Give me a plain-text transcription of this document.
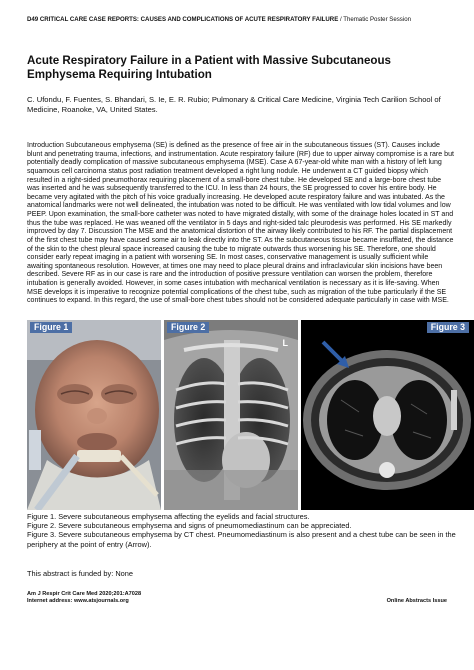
D49 CRITICAL CARE CASE REPORTS: CAUSES AND COMPLICATIONS OF ACUTE RESPIRATORY FAILURE / Thematic Poster Session
Acute Respiratory Failure in a Patient with Massive Subcutaneous Emphysema Requiring Intubation

C. Ufondu, F. Fuentes, S. Bhandari, S. Ie, E. R. Rubio; Pulmonary & Critical Care Medicine, Virginia Tech Carilion School of Medicine, Roanoke, VA, United States.

Introduction Subcutaneous emphysema (SE) is defined as the presence of free air in the subcutaneous tissues (ST). Causes include blunt and penetrating trauma, infections, and instrumentation. Acute respiratory failure (RF) due to upper airway compromise is a rare but potentially deadly complication of massive subcutaneous emphysema (MSE). Case A 67-year-old white man with a history of left lung squamous cell carcinoma status post radiation treatment developed a right lung nodule. He underwent a CT guided biopsy which resulted in a right-sided pneumothorax requiring placement of a small-bore chest tube. He developed SE and a large-bore chest tube was inserted and he was subsequently transferred to the ICU. In less than 24 hours, the SE progressed to cover his entire body. He became very agitated with the pitch of his voice gradually increasing. He developed acute respiratory failure and was intubated. As the anatomical landmarks were not well delineated, the intubation was noted to be difficult. He was ventilated with low tidal volumes and low PEEP. Upon examination, the small-bore catheter was noted to have migrated distally, with some of the drainage holes located in ST and thus the tube was replaced. He was weaned off the ventilator in 5 days and right-sided talc pleurodesis was performed. His SE markedly improved by day 7. Discussion The MSE and the anatomical distortion of the airway likely contributed to his RF. The partial displacement of the first chest tube may have caused some air to leak directly into the ST. As the subcutaneous tissue became insufflated, the distance of the skin to the chest pleural space increased causing the tube to migrate outwards thus worsening his SE. Therefore, one should consider early repeat imaging in a patient with worsening SE. In most cases, conservative management is usually sufficient while awaiting spontaneous resolution. However, at times one may need to place pleural drains and infraclavicular skin incisions have been described. Severe RF as in our case is rare and the introduction of positive pressure ventilation can worsen the problem, therefore intubation is generally avoided. However, in some cases intubation with mechanical ventilation is necessary as it is life-saving. When MSE develops it is imperative to recognize potential complications of the chest tube, such as migration of the tube particularly if the SE continues to expand. In this regard, the use of small-bore chest tubes should not be considered adequate particularly in case with MSE.

Figure 1	Figure 2
L
Figure 3

Figure 1. Severe subcutaneous emphysema affecting the eyelids and facial structures.

Figure 2. Severe subcutaneous emphysema and signs of pneumomediastinum can be appreciated.

Figure 3. Severe subcutaneous emphysema by CT chest. Pneumomediastinum is also present and a chest tube can be seen in the periphery at the point of entry (Arrow).

This abstract is funded by: None

Am J Respir Crit Care Med 2020;201:A7028
Internet address: www.atsjournals.org	Online Abstracts Issue
